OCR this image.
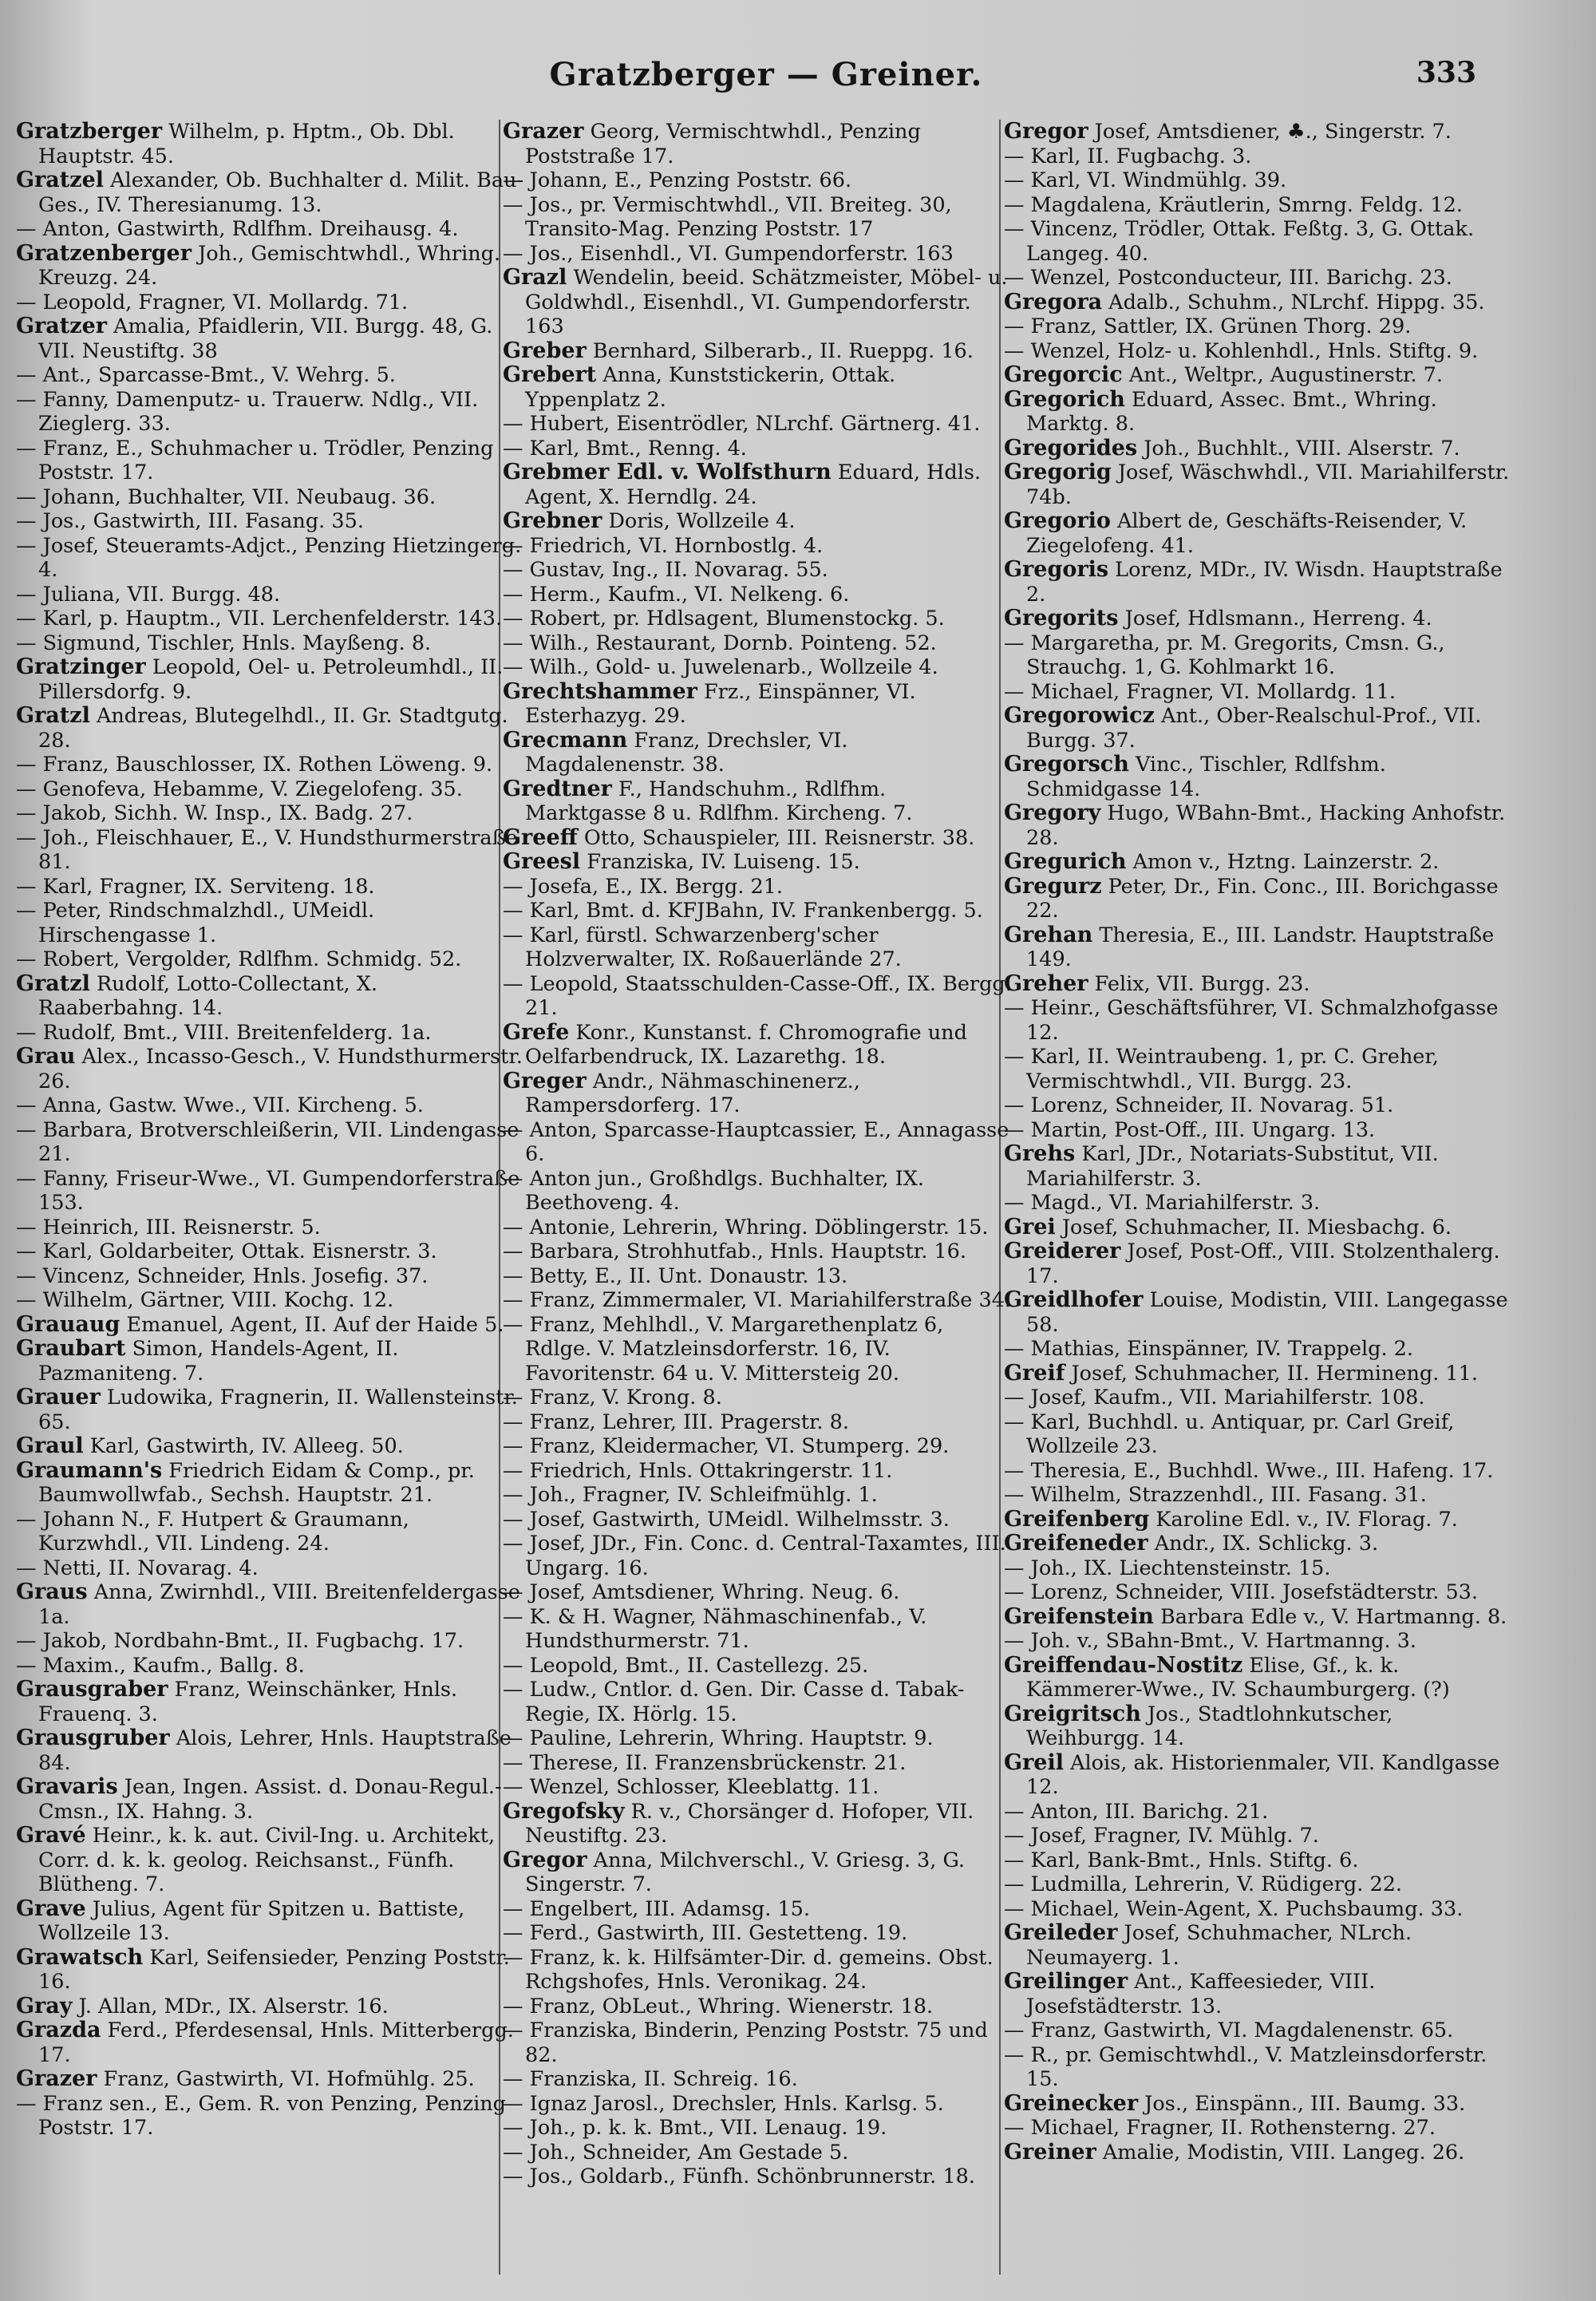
Gratzberger — Greiner.	333

Gratzberger Wilhelm, p. Hptm., Ob. Dbl. Hauptstr. 45.

Gratzel Alexander, Ob. Buchhalter d. Milit. Bau-Ges., IV. Theresianumg. 13.

— Anton, Gastwirth, Rdlfhm. Dreihausg. 4.

Gratzenberger Joh., Gemischtwhdl., Whring. Kreuzg. 24.

— Leopold, Fragner, VI. Mollardg. 71.

Gratzer Amalia, Pfaidlerin, VII. Burgg. 48, G. VII. Neustiftg. 38

— Ant., Sparcasse-Bmt., V. Wehrg. 5.

— Fanny, Damenputz- u. Trauerw. Ndlg., VII. Zieglerg. 33.

— Franz, E., Schuhmacher u. Trödler, Penzing Poststr. 17.

— Johann, Buchhalter, VII. Neubaug. 36.

— Jos., Gastwirth, III. Fasang. 35.

— Josef, Steueramts-Adjct., Penzing Hietzingerg. 4.

— Juliana, VII. Burgg. 48.

— Karl, p. Hauptm., VII. Lerchenfelderstr. 143.

— Sigmund, Tischler, Hnls. Mayßeng. 8.

Gratzinger Leopold, Oel- u. Petroleumhdl., II. Pillersdorfg. 9.

Gratzl Andreas, Blutegelhdl., II. Gr. Stadtgutg. 28.

— Franz, Bauschlosser, IX. Rothen Löweng. 9.

— Genofeva, Hebamme, V. Ziegelofeng. 35.

— Jakob, Sichh. W. Insp., IX. Badg. 27.

— Joh., Fleischhauer, E., V. Hundsthurmerstraße 81.

— Karl, Fragner, IX. Serviteng. 18.

— Peter, Rindschmalzhdl., UMeidl. Hirschengasse 1.

— Robert, Vergolder, Rdlfhm. Schmidg. 52.

Gratzl Rudolf, Lotto-Collectant, X. Raaberbahng. 14.

— Rudolf, Bmt., VIII. Breitenfelderg. 1a.

Grau Alex., Incasso-Gesch., V. Hundsthurmerstr. 26.

— Anna, Gastw. Wwe., VII. Kircheng. 5.

— Barbara, Brotverschleißerin, VII. Lindengasse 21.

— Fanny, Friseur-Wwe., VI. Gumpendorferstraße 153.

— Heinrich, III. Reisnerstr. 5.

— Karl, Goldarbeiter, Ottak. Eisnerstr. 3.

— Vincenz, Schneider, Hnls. Josefig. 37.

— Wilhelm, Gärtner, VIII. Kochg. 12.

Grauaug Emanuel, Agent, II. Auf der Haide 5.

Graubart Simon, Handels-Agent, II. Pazmaniteng. 7.

Grauer Ludowika, Fragnerin, II. Wallensteinstr. 65.

Graul Karl, Gastwirth, IV. Alleeg. 50.

Graumann's Friedrich Eidam & Comp., pr. Baumwollwfab., Sechsh. Hauptstr. 21.

— Johann N., F. Hutpert & Graumann, Kurzwhdl., VII. Lindeng. 24.

— Netti, II. Novarag. 4.

Graus Anna, Zwirnhdl., VIII. Breitenfeldergasse 1a.

— Jakob, Nordbahn-Bmt., II. Fugbachg. 17.

— Maxim., Kaufm., Ballg. 8.

Grausgraber Franz, Weinschänker, Hnls. Frauenq. 3.

Grausgruber Alois, Lehrer, Hnls. Hauptstraße 84.

Gravaris Jean, Ingen. Assist. d. Donau-Regul.-Cmsn., IX. Hahng. 3.

Gravé Heinr., k. k. aut. Civil-Ing. u. Architekt, Corr. d. k. k. geolog. Reichsanst., Fünfh. Blütheng. 7.

Grave Julius, Agent für Spitzen u. Battiste, Wollzeile 13.

Grawatsch Karl, Seifensieder, Penzing Poststr. 16.

Gray J. Allan, MDr., IX. Alserstr. 16.

Grazda Ferd., Pferdesensal, Hnls. Mitterbergg. 17.

Grazer Franz, Gastwirth, VI. Hofmühlg. 25.

— Franz sen., E., Gem. R. von Penzing, Penzing Poststr. 17.

Grazer Georg, Vermischtwhdl., Penzing Poststraße 17.

— Johann, E., Penzing Poststr. 66.

— Jos., pr. Vermischtwhdl., VII. Breiteg. 30, Transito-Mag. Penzing Poststr. 17

— Jos., Eisenhdl., VI. Gumpendorferstr. 163

Grazl Wendelin, beeid. Schätzmeister, Möbel- u. Goldwhdl., Eisenhdl., VI. Gumpendorferstr. 163

Greber Bernhard, Silberarb., II. Rueppg. 16.

Grebert Anna, Kunststickerin, Ottak. Yppenplatz 2.

— Hubert, Eisentrödler, NLrchf. Gärtnerg. 41.

— Karl, Bmt., Renng. 4.

Grebmer Edl. v. Wolfsthurn Eduard, Hdls. Agent, X. Herndlg. 24.

Grebner Doris, Wollzeile 4.

— Friedrich, VI. Hornbostlg. 4.

— Gustav, Ing., II. Novarag. 55.

— Herm., Kaufm., VI. Nelkeng. 6.

— Robert, pr. Hdlsagent, Blumenstockg. 5.

— Wilh., Restaurant, Dornb. Pointeng. 52.

— Wilh., Gold- u. Juwelenarb., Wollzeile 4.

Grechtshammer Frz., Einspänner, VI. Esterhazyg. 29.

Grecmann Franz, Drechsler, VI. Magdalenenstr. 38.

Gredtner F., Handschuhm., Rdlfhm. Marktgasse 8 u. Rdlfhm. Kircheng. 7.

Greeff Otto, Schauspieler, III. Reisnerstr. 38.

Greesl Franziska, IV. Luiseng. 15.

— Josefa, E., IX. Bergg. 21.

— Karl, Bmt. d. KFJBahn, IV. Frankenbergg. 5.

— Karl, fürstl. Schwarzenberg'scher Holzverwalter, IX. Roßauerlände 27.

— Leopold, Staatsschulden-Casse-Off., IX. Bergg. 21.

Grefe Konr., Kunstanst. f. Chromografie und Oelfarbendruck, IX. Lazarethg. 18.

Greger Andr., Nähmaschinenerz., Rampersdorferg. 17.

— Anton, Sparcasse-Hauptcassier, E., Annagasse 6.

— Anton jun., Großhdlgs. Buchhalter, IX. Beethoveng. 4.

— Antonie, Lehrerin, Whring. Döblingerstr. 15.

— Barbara, Strohhutfab., Hnls. Hauptstr. 16.

— Betty, E., II. Unt. Donaustr. 13.

— Franz, Zimmermaler, VI. Mariahilferstraße 34.

— Franz, Mehlhdl., V. Margarethenplatz 6, Rdlge. V. Matzleinsdorferstr. 16, IV. Favoritenstr. 64 u. V. Mittersteig 20.

— Franz, V. Krong. 8.

— Franz, Lehrer, III. Pragerstr. 8.

— Franz, Kleidermacher, VI. Stumperg. 29.

— Friedrich, Hnls. Ottakringerstr. 11.

— Joh., Fragner, IV. Schleifmühlg. 1.

— Josef, Gastwirth, UMeidl. Wilhelmsstr. 3.

— Josef, JDr., Fin. Conc. d. Central-Taxamtes, III. Ungarg. 16.

— Josef, Amtsdiener, Whring. Neug. 6.

— K. & H. Wagner, Nähmaschinenfab., V. Hundsthurmerstr. 71.

— Leopold, Bmt., II. Castellezg. 25.

— Ludw., Cntlor. d. Gen. Dir. Casse d. Tabak-Regie, IX. Hörlg. 15.

— Pauline, Lehrerin, Whring. Hauptstr. 9.

— Therese, II. Franzensbrückenstr. 21.

— Wenzel, Schlosser, Kleeblattg. 11.

Gregofsky R. v., Chorsänger d. Hofoper, VII. Neustiftg. 23.

Gregor Anna, Milchverschl., V. Griesg. 3, G. Singerstr. 7.

— Engelbert, III. Adamsg. 15.

— Ferd., Gastwirth, III. Gestetteng. 19.

— Franz, k. k. Hilfsämter-Dir. d. gemeins. Obst. Rchgshofes, Hnls. Veronikag. 24.

— Franz, ObLeut., Whring. Wienerstr. 18.

— Franziska, Binderin, Penzing Poststr. 75 und 82.

— Franziska, II. Schreig. 16.

— Ignaz Jarosl., Drechsler, Hnls. Karlsg. 5.

— Joh., p. k. k. Bmt., VII. Lenaug. 19.

— Joh., Schneider, Am Gestade 5.

— Jos., Goldarb., Fünfh. Schönbrunnerstr. 18.

Gregor Josef, Amtsdiener, ♣., Singerstr. 7.

— Karl, II. Fugbachg. 3.

— Karl, VI. Windmühlg. 39.

— Magdalena, Kräutlerin, Smrng. Feldg. 12.

— Vincenz, Trödler, Ottak. Feßtg. 3, G. Ottak. Langeg. 40.

— Wenzel, Postconducteur, III. Barichg. 23.

Gregora Adalb., Schuhm., NLrchf. Hippg. 35.

— Franz, Sattler, IX. Grünen Thorg. 29.

— Wenzel, Holz- u. Kohlenhdl., Hnls. Stiftg. 9.

Gregorcic Ant., Weltpr., Augustinerstr. 7.

Gregorich Eduard, Assec. Bmt., Whring. Marktg. 8.

Gregorides Joh., Buchhlt., VIII. Alserstr. 7.

Gregorig Josef, Wäschwhdl., VII. Mariahilferstr. 74b.

Gregorio Albert de, Geschäfts-Reisender, V. Ziegelofeng. 41.

Gregoris Lorenz, MDr., IV. Wisdn. Hauptstraße 2.

Gregorits Josef, Hdlsmann., Herreng. 4.

— Margaretha, pr. M. Gregorits, Cmsn. G., Strauchg. 1, G. Kohlmarkt 16.

— Michael, Fragner, VI. Mollardg. 11.

Gregorowicz Ant., Ober-Realschul-Prof., VII. Burgg. 37.

Gregorsch Vinc., Tischler, Rdlfshm. Schmidgasse 14.

Gregory Hugo, WBahn-Bmt., Hacking Anhofstr. 28.

Gregurich Amon v., Hztng. Lainzerstr. 2.

Gregurz Peter, Dr., Fin. Conc., III. Borichgasse 22.

Grehan Theresia, E., III. Landstr. Hauptstraße 149.

Greher Felix, VII. Burgg. 23.

— Heinr., Geschäftsführer, VI. Schmalzhofgasse 12.

— Karl, II. Weintraubeng. 1, pr. C. Greher, Vermischtwhdl., VII. Burgg. 23.

— Lorenz, Schneider, II. Novarag. 51.

— Martin, Post-Off., III. Ungarg. 13.

Grehs Karl, JDr., Notariats-Substitut, VII. Mariahilferstr. 3.

— Magd., VI. Mariahilferstr. 3.

Grei Josef, Schuhmacher, II. Miesbachg. 6.

Greiderer Josef, Post-Off., VIII. Stolzenthalerg. 17.

Greidlhofer Louise, Modistin, VIII. Langegasse 58.

— Mathias, Einspänner, IV. Trappelg. 2.

Greif Josef, Schuhmacher, II. Hermineng. 11.

— Josef, Kaufm., VII. Mariahilferstr. 108.

— Karl, Buchhdl. u. Antiquar, pr. Carl Greif, Wollzeile 23.

— Theresia, E., Buchhdl. Wwe., III. Hafeng. 17.

— Wilhelm, Strazzenhdl., III. Fasang. 31.

Greifenberg Karoline Edl. v., IV. Florag. 7.

Greifeneder Andr., IX. Schlickg. 3.

— Joh., IX. Liechtensteinstr. 15.

— Lorenz, Schneider, VIII. Josefstädterstr. 53.

Greifenstein Barbara Edle v., V. Hartmanng. 8.

— Joh. v., SBahn-Bmt., V. Hartmanng. 3.

Greiffendau-Nostitz Elise, Gf., k. k. Kämmerer-Wwe., IV. Schaumburgerg. (?)

Greigritsch Jos., Stadtlohnkutscher, Weihburgg. 14.

Greil Alois, ak. Historienmaler, VII. Kandlgasse 12.

— Anton, III. Barichg. 21.

— Josef, Fragner, IV. Mühlg. 7.

— Karl, Bank-Bmt., Hnls. Stiftg. 6.

— Ludmilla, Lehrerin, V. Rüdigerg. 22.

— Michael, Wein-Agent, X. Puchsbaumg. 33.

Greileder Josef, Schuhmacher, NLrch. Neumayerg. 1.

Greilinger Ant., Kaffeesieder, VIII. Josefstädterstr. 13.

— Franz, Gastwirth, VI. Magdalenenstr. 65.

— R., pr. Gemischtwhdl., V. Matzleinsdorferstr. 15.

Greinecker Jos., Einspänn., III. Baumg. 33.

— Michael, Fragner, II. Rothensterng. 27.

Greiner Amalie, Modistin, VIII. Langeg. 26.
